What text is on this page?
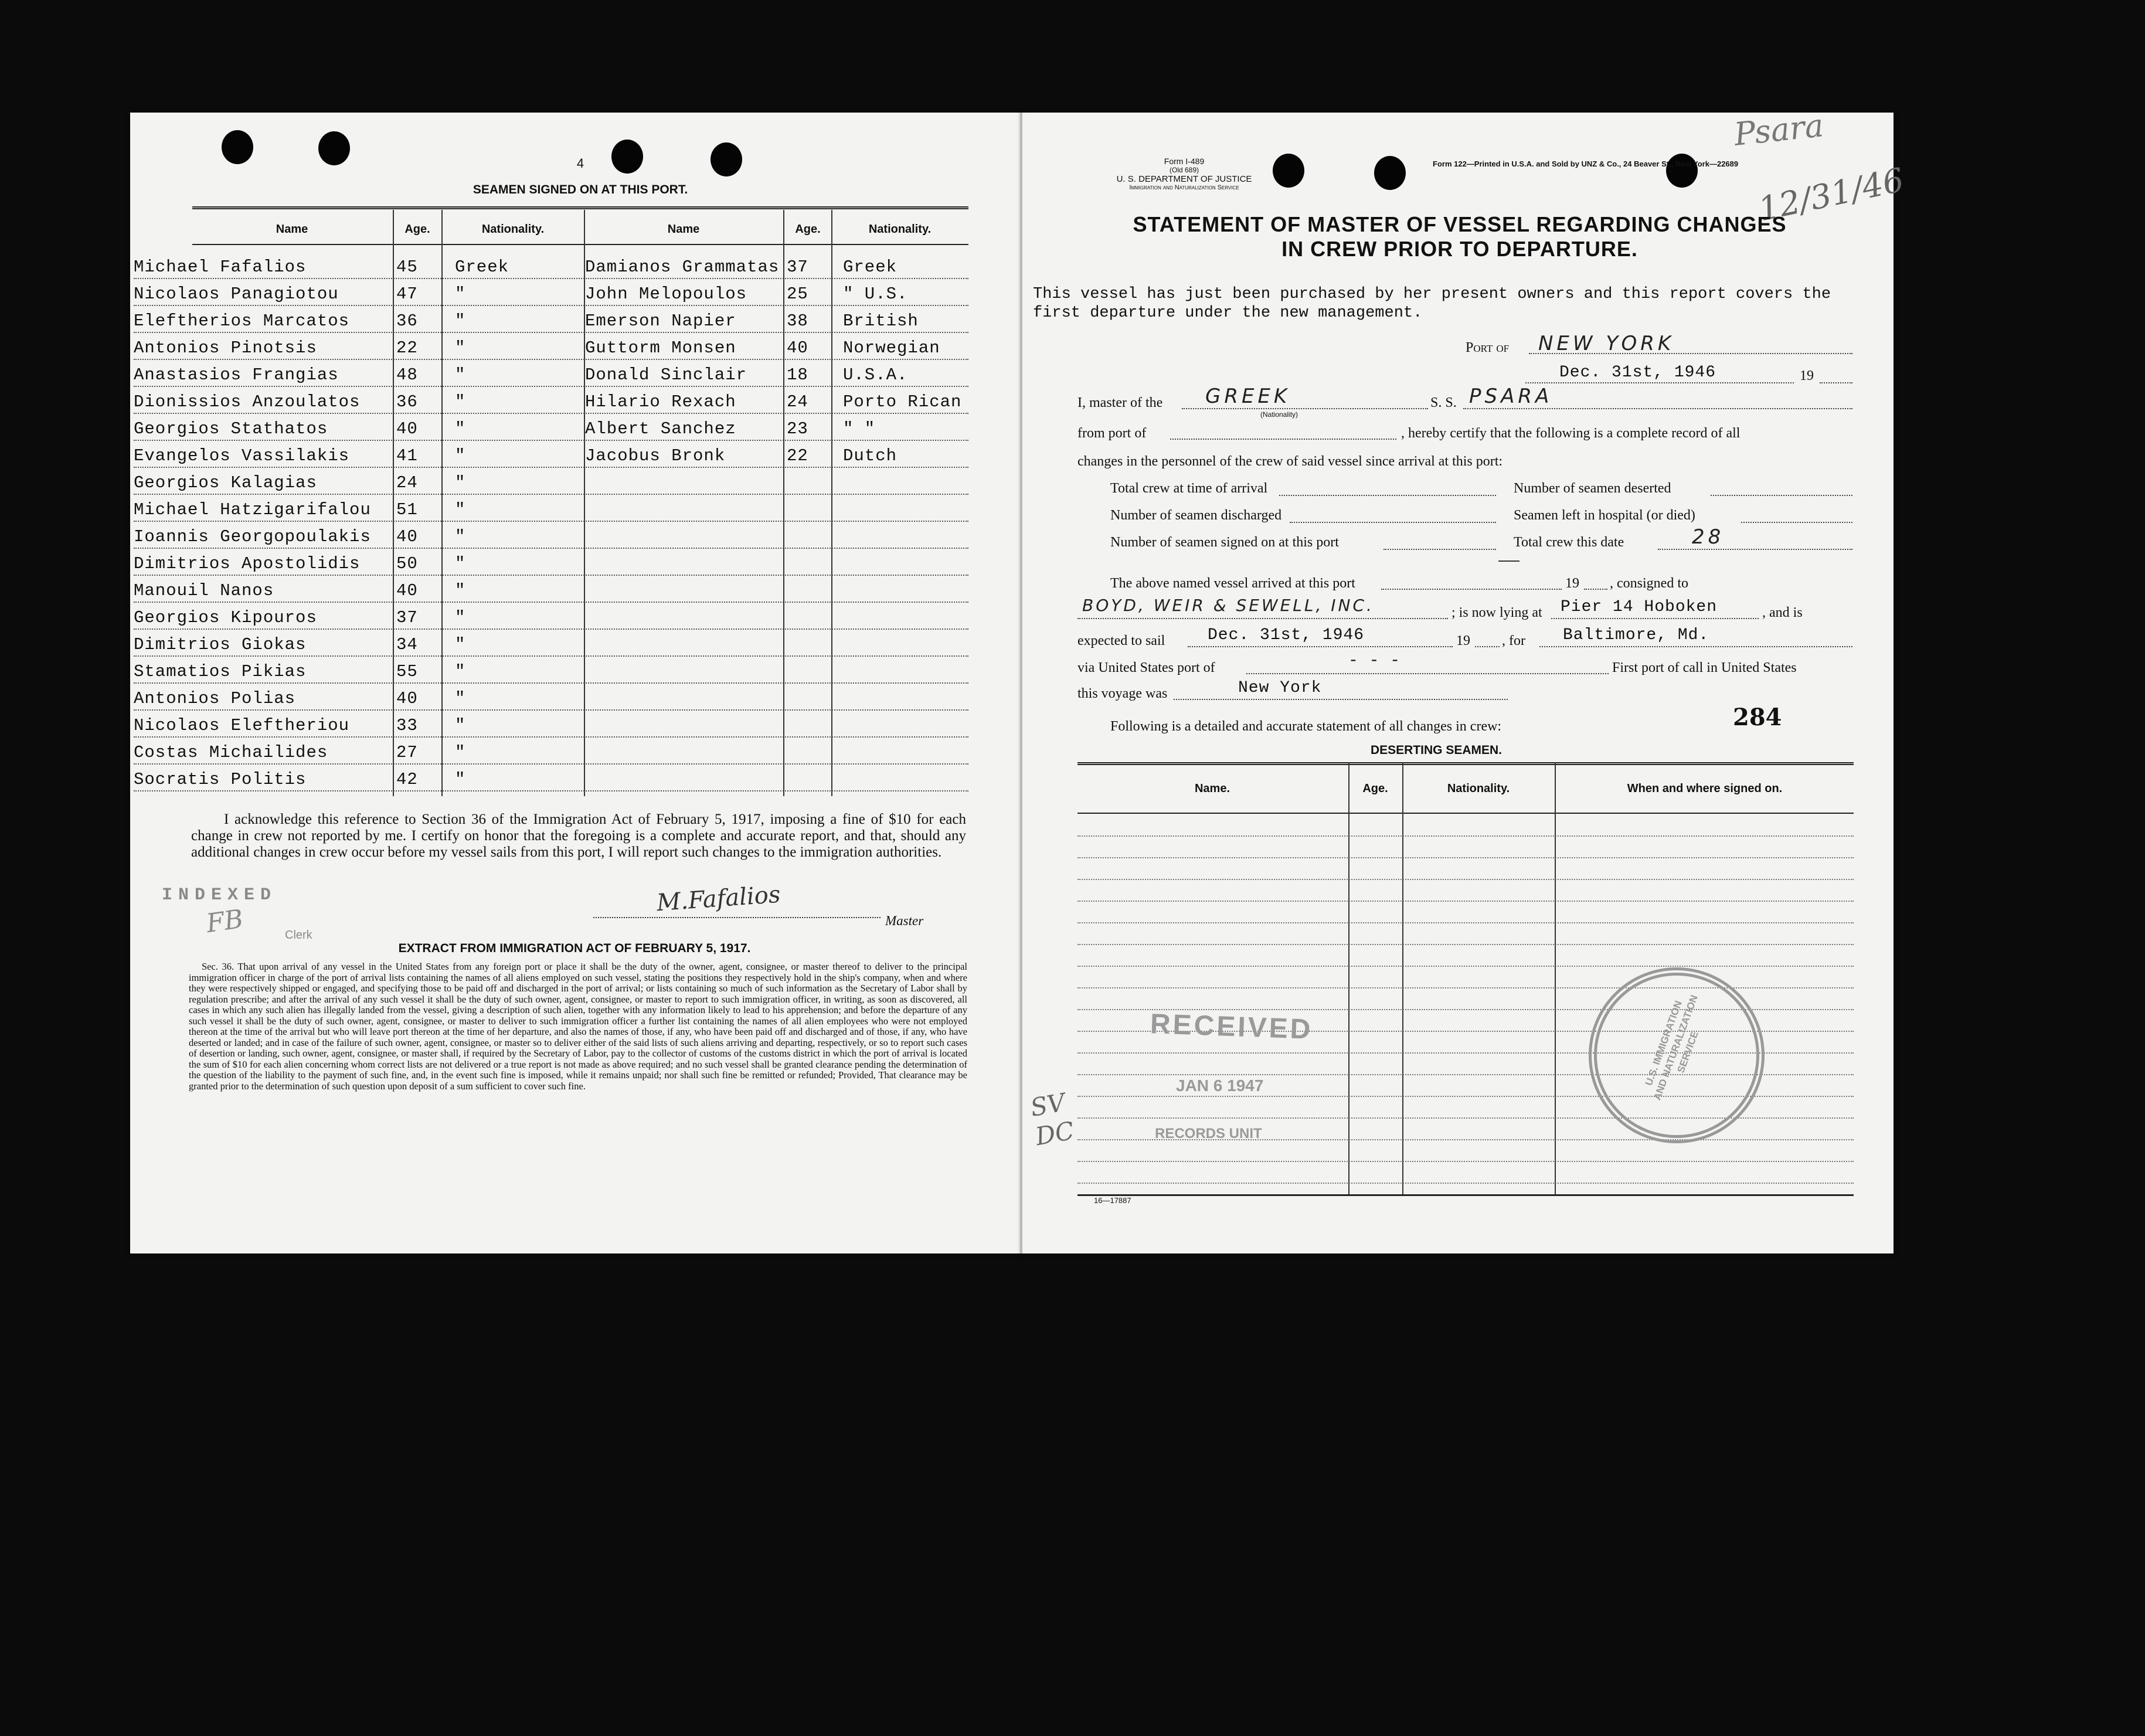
4
SEAMEN SIGNED ON AT THIS PORT.
Name	Age.	Nationality.	Name	Age.	Nationality.
Michael Fafalios	45 Greek	Damianos Grammatas 37 Greek
Nicolaos Panagiotou	47 "	John Melopoulos 25 " U.S.
Eleftherios Marcatos	36 "	Emerson Napier	38 British
Antonios Pinotsis	22 "	Guttorm Monsen	40 Norwegian
Anastasios Frangias	48 "	Donald Sinclair 18 U.S.A.
Dionissios Anzoulatos 36 "	Hilario Rexach	24 Porto Rican
Georgios Stathatos	40 "	Albert Sanchez	23 " "
Evangelos Vassilakis	41 "	Jacobus Bronk	22 Dutch
Georgios Kalagias	24 "
Michael Hatzigarifalou 51 "
Ioannis Georgopoulakis 40 "
Dimitrios Apostolidis 50 "
Manouil Nanos	40 "
Georgios Kipouros	37 "
Dimitrios Giokas	34 "
Stamatios Pikias	55 "
Antonios Polias	40 "
Nicolaos Eleftheriou	33 "
Costas Michailides	27 "
Socratis Politis	42 "
I acknowledge this reference to Section 36 of the Immigration Act of February 5, 1917, imposing a fine of $10 for each change in crew not reported by me. I certify on honor that the foregoing is a complete and accurate report, and that, should any additional changes in crew occur before my vessel sails from this port, I will report such changes to the immigration authorities.
INDEXED
FB	Clerk
M.Fafalios
Master
EXTRACT FROM IMMIGRATION ACT OF FEBRUARY 5, 1917.
Sec. 36. That upon arrival of any vessel in the United States from any foreign port or place it shall be the duty of the owner, agent, consignee, or master thereof to deliver to the principal immigration officer in charge of the port of arrival lists containing the names of all aliens employed on such vessel, stating the positions they respectively hold in the ship's company, when and where they were respectively shipped or engaged, and specifying those to be paid off and discharged in the port of arrival; or lists containing so much of such information as the Secretary of Labor shall by regulation prescribe; and after the arrival of any such vessel it shall be the duty of such owner, agent, consignee, or master to report to such immigration officer, in writing, as soon as discovered, all cases in which any such alien has illegally landed from the vessel, giving a description of such alien, together with any information likely to lead to his apprehension; and before the departure of any such vessel it shall be the duty of such owner, agent, consignee, or master to deliver to such immigration officer a further list containing the names of all alien employees who were not employed thereon at the time of the arrival but who will leave port thereon at the time of her departure, and also the names of those, if any, who have been paid off and discharged and of those, if any, who have deserted or landed; and in case of the failure of such owner, agent, consignee, or master so to deliver either of the said lists of such aliens arriving and departing, respectively, or so to report such cases of desertion or landing, such owner, agent, consignee, or master shall, if required by the Secretary of Labor, pay to the collector of customs of the customs district in which the port of arrival is located the sum of $10 for each alien concerning whom correct lists are not delivered or a true report is not made as above required; and no such vessel shall be granted clearance pending the determination of the question of the liability to the payment of such fine, and, in the event such fine is imposed, while it remains unpaid; nor shall such fine be remitted or refunded; Provided, That clearance may be granted prior to the determination of such question upon deposit of a sum sufficient to cover such fine.
Form I-489
(Old 689)
U. S. DEPARTMENT OF JUSTICE
Immigration and Naturalization Service
Form 122—Printed in U.S.A. and Sold by UNZ & Co., 24 Beaver St., New York—22689
Psara
12/31/46
STATEMENT OF MASTER OF VESSEL REGARDING CHANGES
IN CREW PRIOR TO DEPARTURE.
This vessel has just been purchased by her present owners and this report covers the first departure under the new management.
Port of NEW YORK
Dec. 31st, 1946	19
I, master of the GREEK
(Nationality)
S. S. PSARA
from port of	, hereby certify that the following is a complete record of all
changes in the personnel of the crew of said vessel since arrival at this port:
Total crew at time of arrival	Number of seamen deserted
Number of seamen discharged	Seamen left in hospital (or died)
Number of seamen signed on at this port	Total crew this date	28
The above named vessel arrived at this port	19 , consigned to
BOYD, WEIR & SEWELL, INC.	; is now lying at Pier 14 Hoboken	, and is
expected to sail	Dec. 31st, 1946	19 , for Baltimore, Md.
via United States port of	- - -	First port of call in United States
this voyage was	New York
284
Following is a detailed and accurate statement of all changes in crew:
DESERTING SEAMEN.
Name.	Age.	Nationality.	When and where signed on.
RECEIVED
JAN 6 1947
RECORDS UNIT
SV DC
U.S. IMMIGRATION AND NATURALIZATION SERVICE
16—17887
